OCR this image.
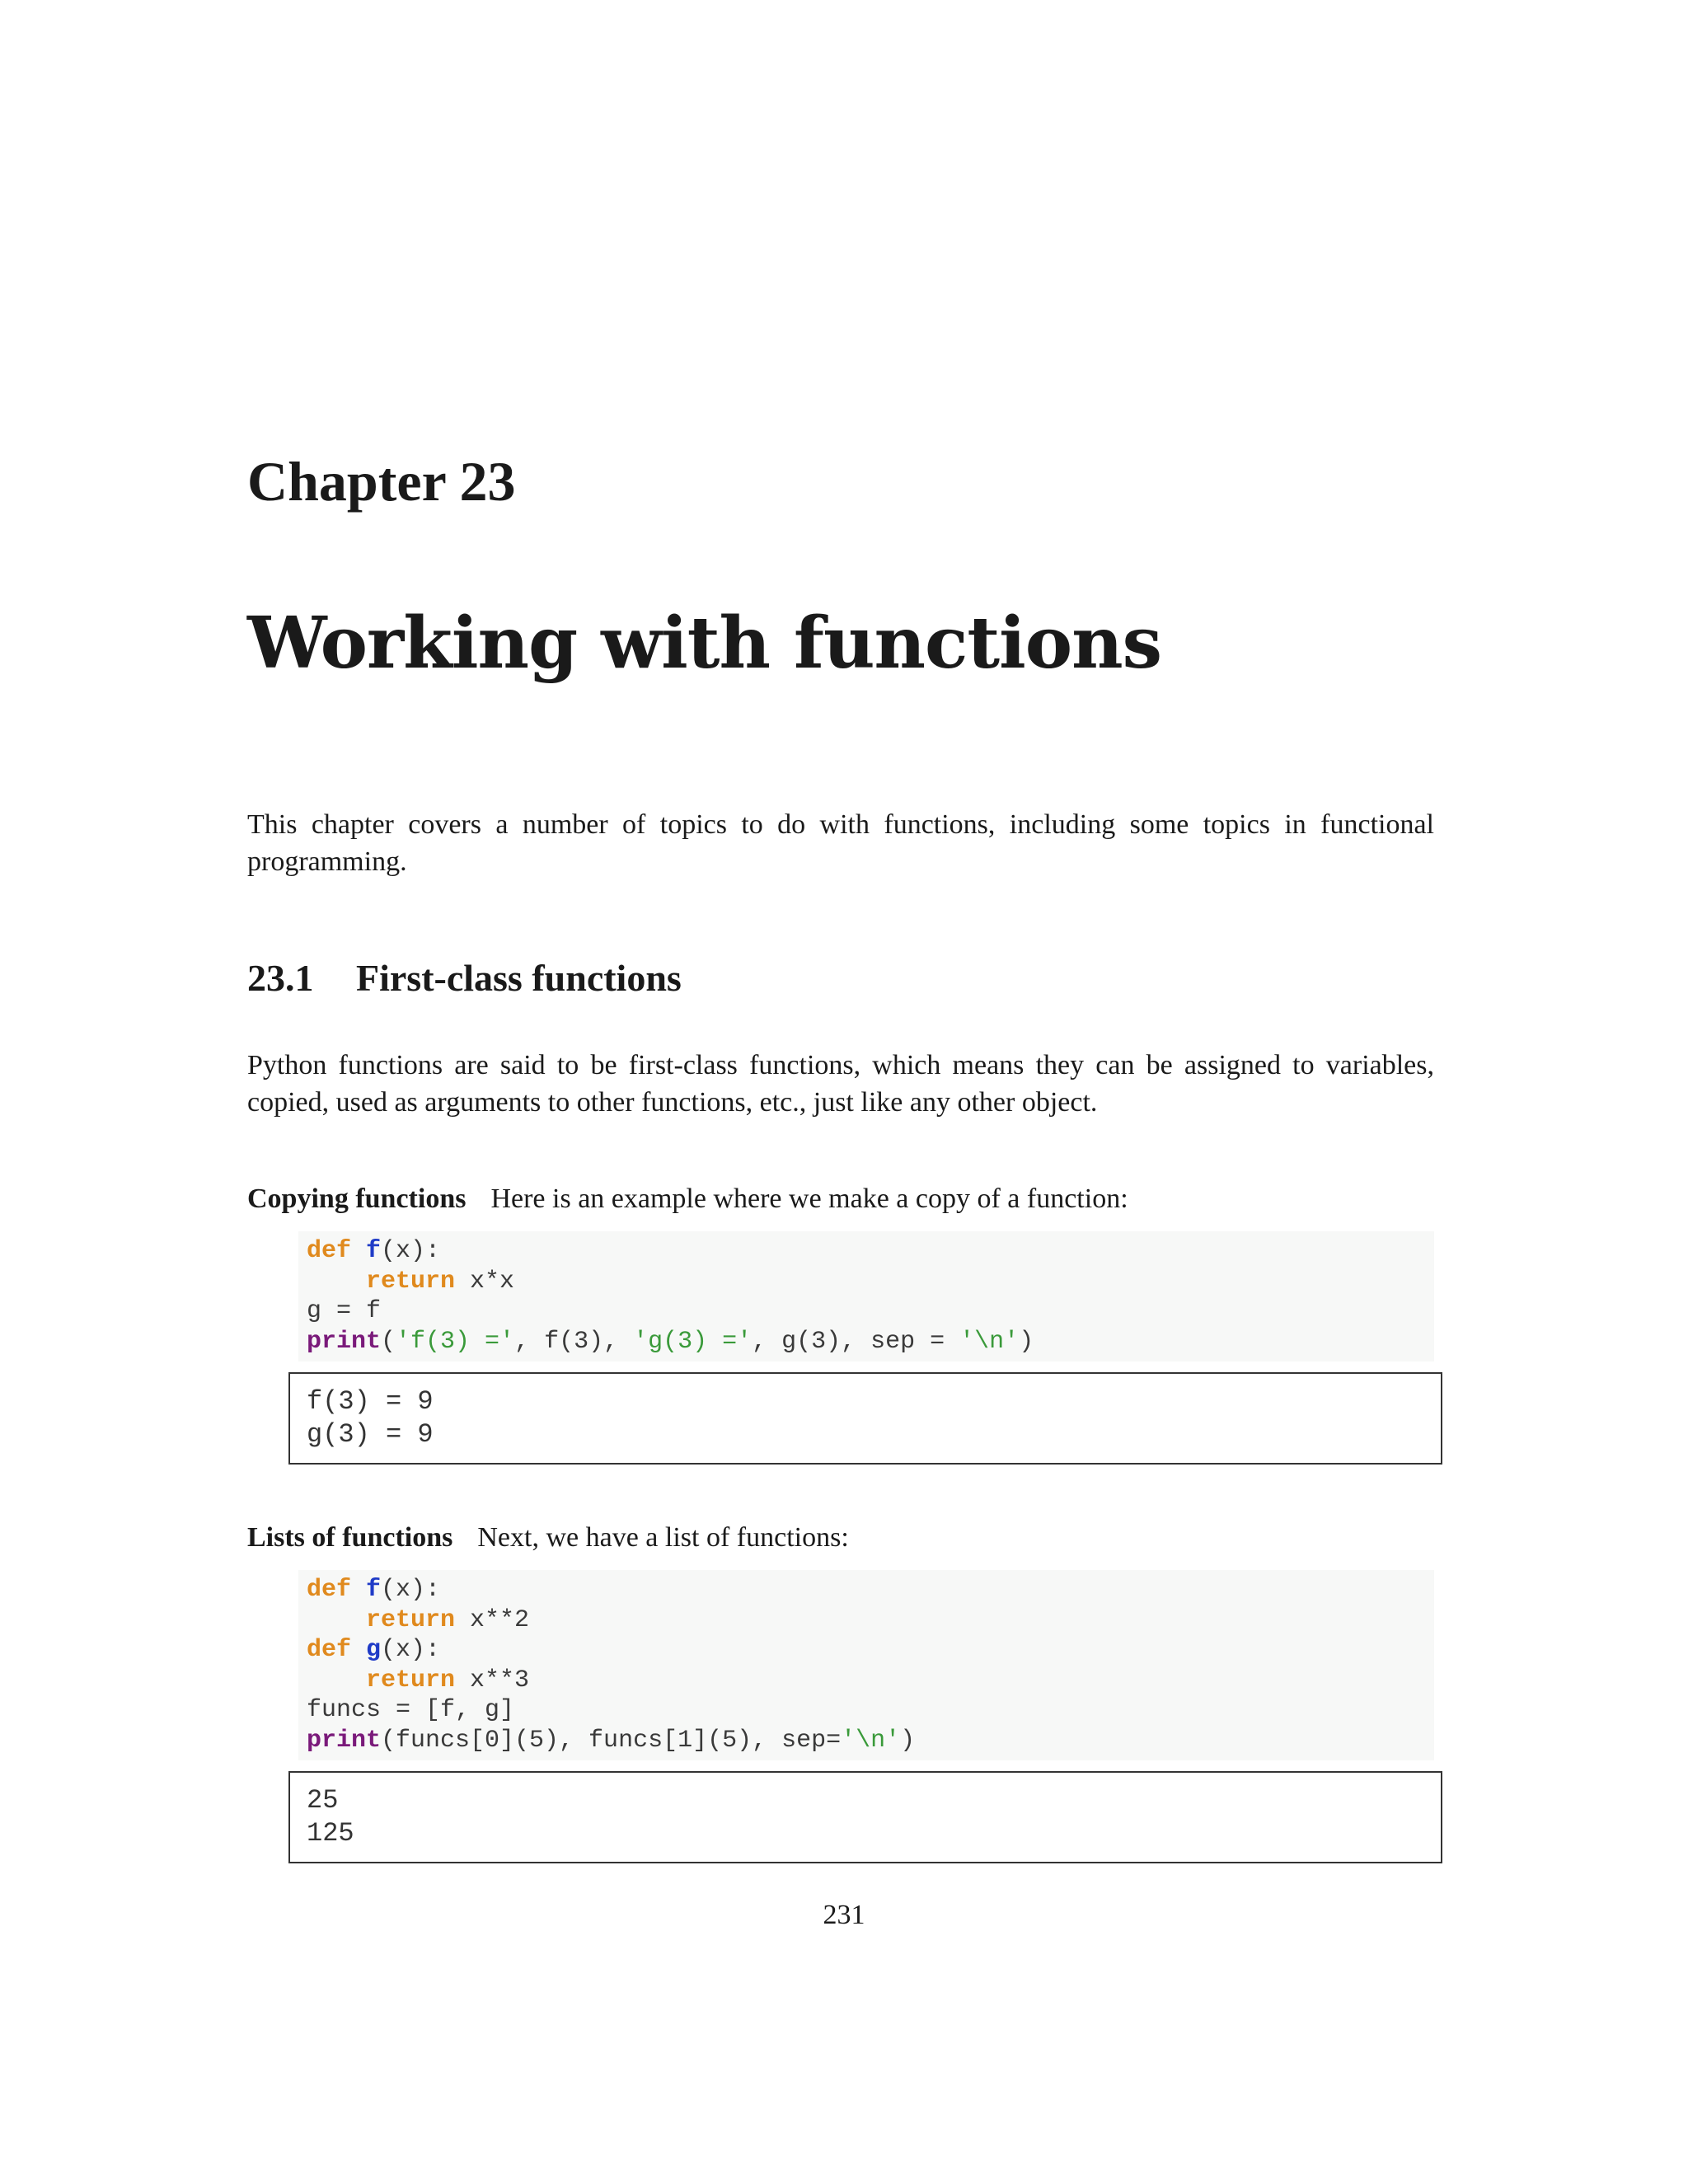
Chapter 23
Working with functions
This chapter covers a number of topics to do with functions, including some topics in functional programming.
23.1 First-class functions
Python functions are said to be first-class functions, which means they can be assigned to variables, copied, used as arguments to other functions, etc., just like any other object.
Copying functions Here is an example where we make a copy of a function:
def f(x):
return x*x
g = f
print('f(3) =', f(3), 'g(3) =', g(3), sep = '\n')
f(3) = 9
g(3) = 9
Lists of functions Next, we have a list of functions:
def f(x):
return x**2
def g(x):
return x**3
funcs = [f, g]
print(funcs[0](5), funcs[1](5), sep='\n')
25
125
231
